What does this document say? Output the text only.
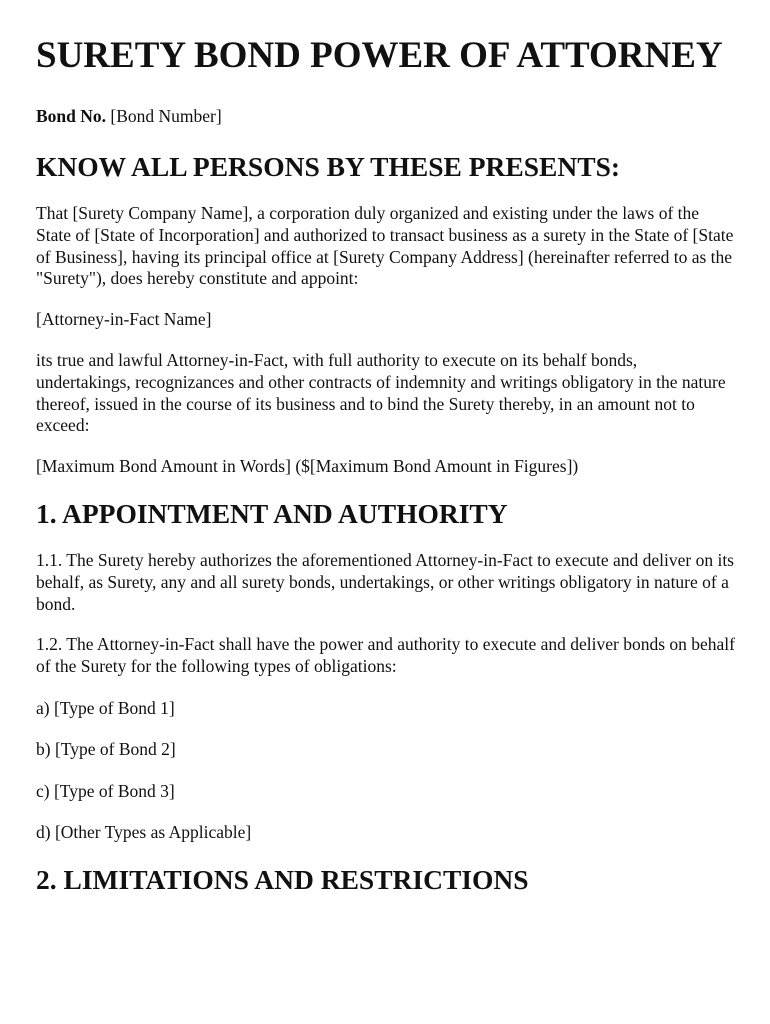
SURETY BOND POWER OF ATTORNEY

Bond No. [Bond Number]

KNOW ALL PERSONS BY THESE PRESENTS:

That [Surety Company Name], a corporation duly organized and existing under the laws of the State of [State of Incorporation] and authorized to transact business as a surety in the State of [State of Business], having its principal office at [Surety Company Address] (hereinafter referred to as the "Surety"), does hereby constitute and appoint:

[Attorney-in-Fact Name]

its true and lawful Attorney-in-Fact, with full authority to execute on its behalf bonds, undertakings, recognizances and other contracts of indemnity and writings obligatory in the nature thereof, issued in the course of its business and to bind the Surety thereby, in an amount not to exceed:

[Maximum Bond Amount in Words] ($[Maximum Bond Amount in Figures])

1. APPOINTMENT AND AUTHORITY

1.1. The Surety hereby authorizes the aforementioned Attorney-in-Fact to execute and deliver on its behalf, as Surety, any and all surety bonds, undertakings, or other writings obligatory in nature of a bond.

1.2. The Attorney-in-Fact shall have the power and authority to execute and deliver bonds on behalf of the Surety for the following types of obligations:

a) [Type of Bond 1]

b) [Type of Bond 2]

c) [Type of Bond 3]

d) [Other Types as Applicable]

2. LIMITATIONS AND RESTRICTIONS
